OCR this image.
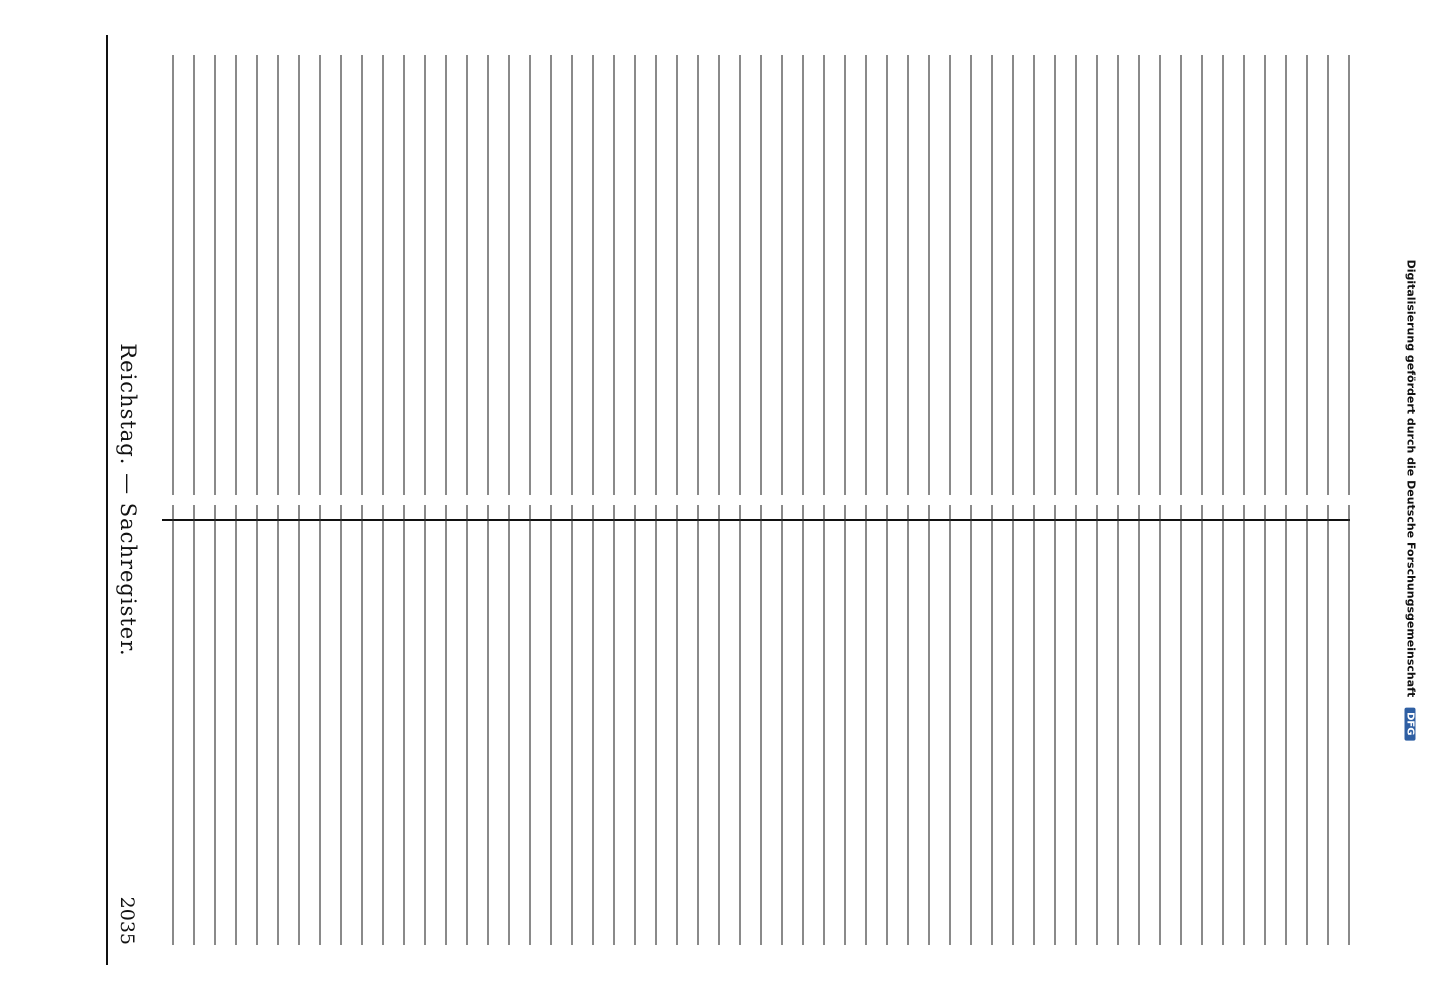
Reichstag. — Sachregister.
2035
Digitalisierung gefördert durch die Deutsche Forschungsgemeinschaft DFG
